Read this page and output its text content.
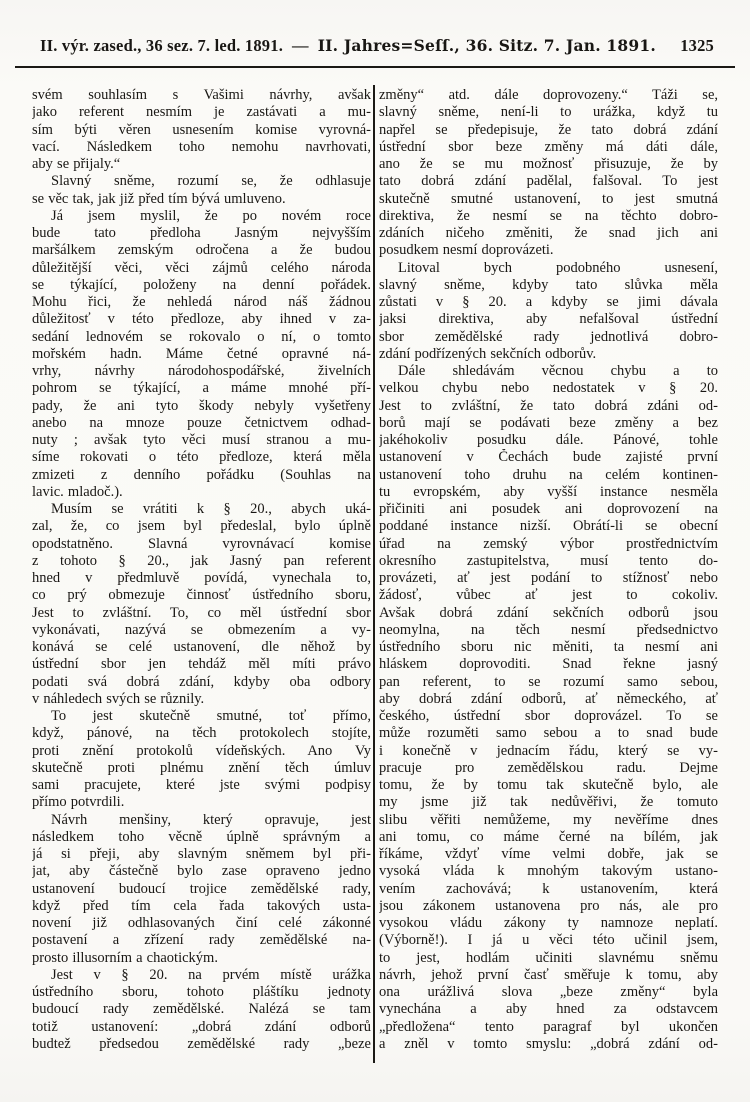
II. výr. zased., 36 sez. 7. led. 1891. — II. Jahres=Seſſ., 36. Sitz. 7. Jan. 1891. 1325
svém souhlasím s Vašimi návrhy, avšak
jako referent nesmím je zastávati a mu-
sím býti věren usnesením komise vyrovná-
vací. Následkem toho nemohu navrhovati,
aby se přijaly.“
Slavný sněme, rozumí se, že odhlasuje
se věc tak, jak již před tím bývá umluveno.
Já jsem myslil, že po novém roce
bude tato předloha Jasným nejvyšším
maršálkem zemským odročena a že budou
důležitější věci, věci zájmů celého národa
se týkající, položeny na denní pořádek.
Mohu řici, že nehledá národ náš žádnou
důležitosť v této předloze, aby ihned v za-
sedání lednovém se rokovalo o ní, o tomto
mořském hadn. Máme četné opravné ná-
vrhy, návrhy národohospodářské, živelních
pohrom se týkající, a máme mnohé pří-
pady, že ani tyto škody nebyly vyšetřeny
anebo na mnoze pouze četnictvem odhad-
nuty ; avšak tyto věci musí stranou a mu-
síme rokovati o této předloze, která měla
zmizeti z denního pořádku (Souhlas na
lavic. mladoč.).
Musím se vrátiti k § 20., abych uká-
zal, že, co jsem byl předeslal, bylo úplně
opodstatněno. Slavná vyrovnávací komise
z tohoto § 20., jak Jasný pan referent
hned v předmluvě povídá, vynechala to,
co prý obmezuje činnosť ústředního sboru,
Jest to zvláštní. To, co měl ústřední sbor
vykonávati, nazývá se obmezením a vy-
konává se celé ustanovení, dle něhož by
ústřední sbor jen tehdáž měl míti právo
podati svá dobrá zdání, kdyby oba odbory
v náhledech svých se různily.
To jest skutečně smutné, toť přímo,
když, pánové, na těch protokolech stojíte,
proti znění protokolů vídeňských. Ano Vy
skutečně proti plnému znění těch úmluv
sami pracujete, které jste svými podpisy
přímo potvrdili.
Návrh menšiny, který opravuje, jest
následkem toho věcně úplně správným a
já si přeji, aby slavným sněmem byl při-
jat, aby částečně bylo zase opraveno jedno
ustanovení budoucí trojice zemědělské rady,
když před tím cela řada takových usta-
novení již odhlasovaných činí celé zákonné
postavení a zřízení rady zemědělské na-
prosto illusorním a chaotickým.
Jest v § 20. na prvém místě urážka
ústředního sboru, tohoto pláštíku jednoty
budoucí rady zemědělské. Nalézá se tam
totiž ustanovení: „dobrá zdání odborů
budtež předsedou zemědělské rady „beze
změny“ atd. dále doprovozeny.“ Táži se,
slavný sněme, není-li to urážka, když tu
napřel se předepisuje, že tato dobrá zdání
ústřední sbor beze změny má dáti dále,
ano že se mu možnosť přisuzuje, že by
tato dobrá zdání padělal, falšoval. To jest
skutečně smutné ustanovení, to jest smutná
direktiva, že nesmí se na těchto dobro-
zdáních ničeho změniti, že snad jich ani
posudkem nesmí doprovázeti.
Litoval bych podobného usnesení,
slavný sněme, kdyby tato slůvka měla
zůstati v § 20. a kdyby se jimi dávala
jaksi direktiva, aby nefalšoval ústřední
sbor zemědělské rady jednotlivá dobro-
zdání podřízených sekčních odborův.
Dále shledávám věcnou chybu a to
velkou chybu nebo nedostatek v § 20.
Jest to zvláštní, že tato dobrá zdáni od-
borů mají se podávati beze změny a bez
jakéhokoliv posudku dále. Pánové, tohle
ustanovení v Čechách bude zajisté první
ustanovení toho druhu na celém kontinen-
tu evropském, aby vyšší instance nesměla
přičiniti ani posudek ani doprovození na
poddané instance nizší. Obrátí-li se obecní
úřad na zemský výbor prostřednictvím
okresního zastupitelstva, musí tento do-
provázeti, ať jest podání to stížnosť nebo
žádosť, vůbec ať jest to cokoliv.
Avšak dobrá zdání sekčních odborů jsou
neomylna, na těch nesmí předsednictvo
ústředního sboru nic měniti, ta nesmí ani
hláskem doprovoditi. Snad řekne jasný
pan referent, to se rozumí samo sebou,
aby dobrá zdání odborů, ať německého, ať
českého, ústřední sbor doprovázel. To se
může rozuměti samo sebou a to snad bude
i konečně v jednacím řádu, který se vy-
pracuje pro zemědělskou radu. Dejme
tomu, že by tomu tak skutečně bylo, ale
my jsme již tak nedůvěřivi, že tomuto
slibu věřiti nemůžeme, my nevěříme dnes
ani tomu, co máme černé na bílém, jak
říkáme, vždyť víme velmi dobře, jak se
vysoká vláda k mnohým takovým ustano-
vením zachovává; k ustanovením, která
jsou zákonem ustanovena pro nás, ale pro
vysokou vládu zákony ty namnoze neplatí.
(Výborně!). I já u věci této učinil jsem,
to jest, hodlám učiniti slavnému sněmu
návrh, jehož první časť směřuje k tomu, aby
ona urážlivá slova „beze změny“ byla
vynechána a aby hned za odstavcem
„předložena“ tento paragraf byl ukončen
a zněl v tomto smyslu: „dobrá zdání od-
